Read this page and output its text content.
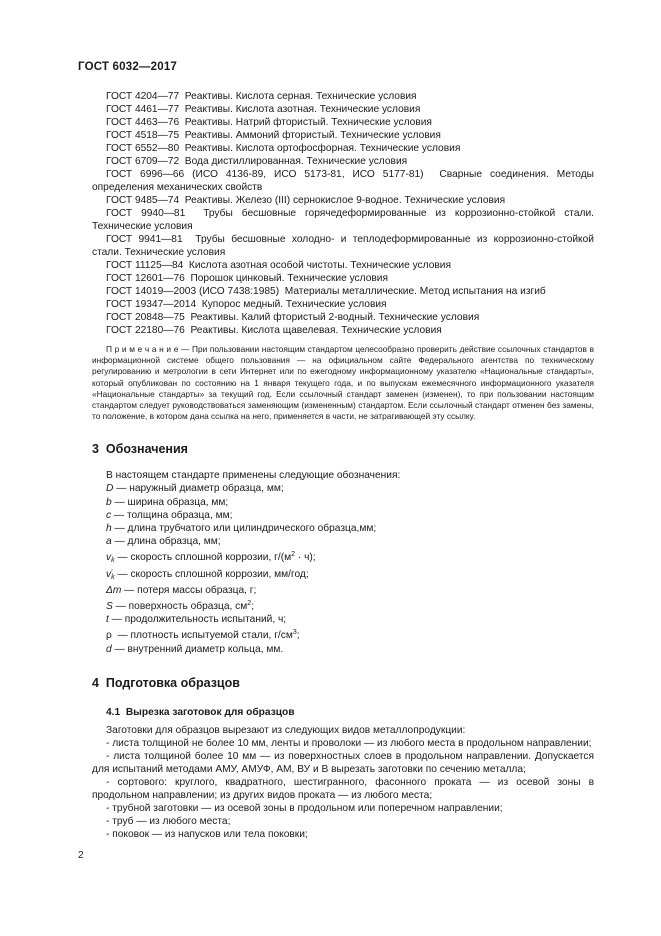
ГОСТ 6032—2017
ГОСТ 4204—77  Реактивы. Кислота серная. Технические условия
ГОСТ 4461—77  Реактивы. Кислота азотная. Технические условия
ГОСТ 4463—76  Реактивы. Натрий фтористый. Технические условия
ГОСТ 4518—75  Реактивы. Аммоний фтористый. Технические условия
ГОСТ 6552—80  Реактивы. Кислота ортофосфорная. Технические условия
ГОСТ 6709—72  Вода дистиллированная. Технические условия
ГОСТ 6996—66 (ИСО 4136-89, ИСО 5173-81, ИСО 5177-81)  Сварные соединения. Методы определения механических свойств
ГОСТ 9485—74  Реактивы. Железо (III) сернокислое 9-водное. Технические условия
ГОСТ 9940—81  Трубы бесшовные горячедеформированные из коррозионно-стойкой стали. Технические условия
ГОСТ 9941—81  Трубы бесшовные холодно- и теплодеформированные из коррозионно-стойкой стали. Технические условия
ГОСТ 11125—84  Кислота азотная особой чистоты. Технические условия
ГОСТ 12601—76  Порошок цинковый. Технические условия
ГОСТ 14019—2003 (ИСО 7438:1985)  Материалы металлические. Метод испытания на изгиб
ГОСТ 19347—2014  Купорос медный. Технические условия
ГОСТ 20848—75  Реактивы. Калий фтористый 2-водный. Технические условия
ГОСТ 22180—76  Реактивы. Кислота щавелевая. Технические условия
П р и м е ч а н и е — При пользовании настоящим стандартом целесообразно проверить действие ссылочных стандартов в информационной системе общего пользования — на официальном сайте Федерального агентства по техническому регулированию и метрологии в сети Интернет или по ежегодному информационному указателю «Национальные стандарты», который опубликован по состоянию на 1 января текущего года, и по выпускам ежемесячного информационного указателя «Национальные стандарты» за текущий год. Если ссылочный стандарт заменен (изменен), то при пользовании настоящим стандартом следует руководствоваться заменяющим (измененным) стандартом. Если ссылочный стандарт отменен без замены, то положение, в котором дана ссылка на него, применяется в части, не затрагивающей эту ссылку.
3  Обозначения
В настоящем стандарте применены следующие обозначения:
D — наружный диаметр образца, мм;
b — ширина образца, мм;
c — толщина образца, мм;
h — длина трубчатого или цилиндрического образца,мм;
a — длина образца, мм;
vk — скорость сплошной коррозии, $г/(м^2 \cdot ч)$;
v ′
k — скорость сплошной коррозии, мм/год;
Δm — потеря массы образца, г;
S — поверхность образца, $см^2$;
t — продолжительность испытаний, ч;
ρ  — плотность испытуемой стали, $г/см^3$;
d — внутренний диаметр кольца, мм.
4  Подготовка образцов
4.1  Вырезка заготовок для образцов
Заготовки для образцов вырезают из следующих видов металлопродукции:
- листа толщиной не более 10 мм, ленты и проволоки — из любого места в продольном направлении;
- листа толщиной более 10 мм — из поверхностных слоев в продольном направлении. Допускается для испытаний методами АМУ, АМУФ, АМ, ВУ и В вырезать заготовки по сечению металла;
- сортового: круглого, квадратного, шестигранного, фасонного проката — из осевой зоны в продольном направлении; из других видов проката — из любого места;
- трубной заготовки — из осевой зоны в продольном или поперечном направлении;
- труб — из любого места;
- поковок — из напусков или тела поковки;
2
